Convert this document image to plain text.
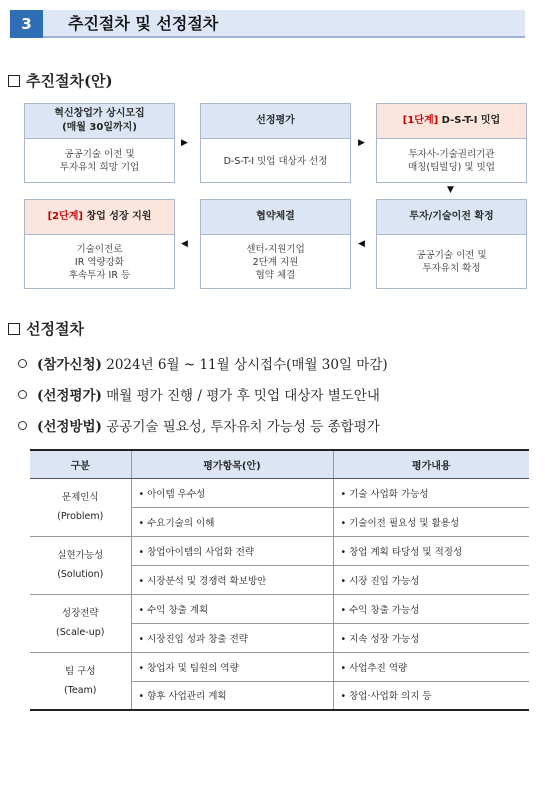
3	추진절차 및 선정절차
추진절차(안)
혁신창업가 상시모집
(매월 30일까지)
공공기술 이전 및
투자유치 희망 기업
▶
선정평가
D-S-T-I 밋업 대상자 선정
▶
[1단계]
D-S-T-I 밋업
투자사-기술권리기관
매칭(팀빌딩) 및 밋업
▼
투자/기술이전 확정
공공기술 이전 및
투자유치 확정
◀
협약체결
센터-지원기업
2단계 지원
협약 체결
◀
[2단계]
창업 성장 지원
기술이전로
IR 역량강화
후속투자 IR 등
선정절차
(참가신청) 2024년 6월 ~ 11월 상시접수(매월 30일 마감)
(선정평가) 매월 평가 진행 / 평가 후 밋업 대상자 별도안내
(선정방법) 공공기술 필요성, 투자유치 가능성 등 종합평가
구분	평가항목(안)	평가내용

문제인식
(Problem)	• 아이템 우수성	• 기술 사업화 가능성
	• 수요기술의 이해	• 기술이전 필요성 및 활용성

실현가능성
(Solution)	• 창업아이템의 사업화 전략	• 창업 계획 타당성 및 적정성
	• 시장분석 및 경쟁력 확보방안	• 시장 진입 가능성

성장전략
(Scale-up)	• 수익 창출 계획	• 수익 창출 가능성
	• 시장진입 성과 창출 전략	• 지속 성장 가능성

팀 구성
(Team)	• 창업자 및 팀원의 역량	• 사업추진 역량
	• 향후 사업관리 계획	• 창업·사업화 의지 등
